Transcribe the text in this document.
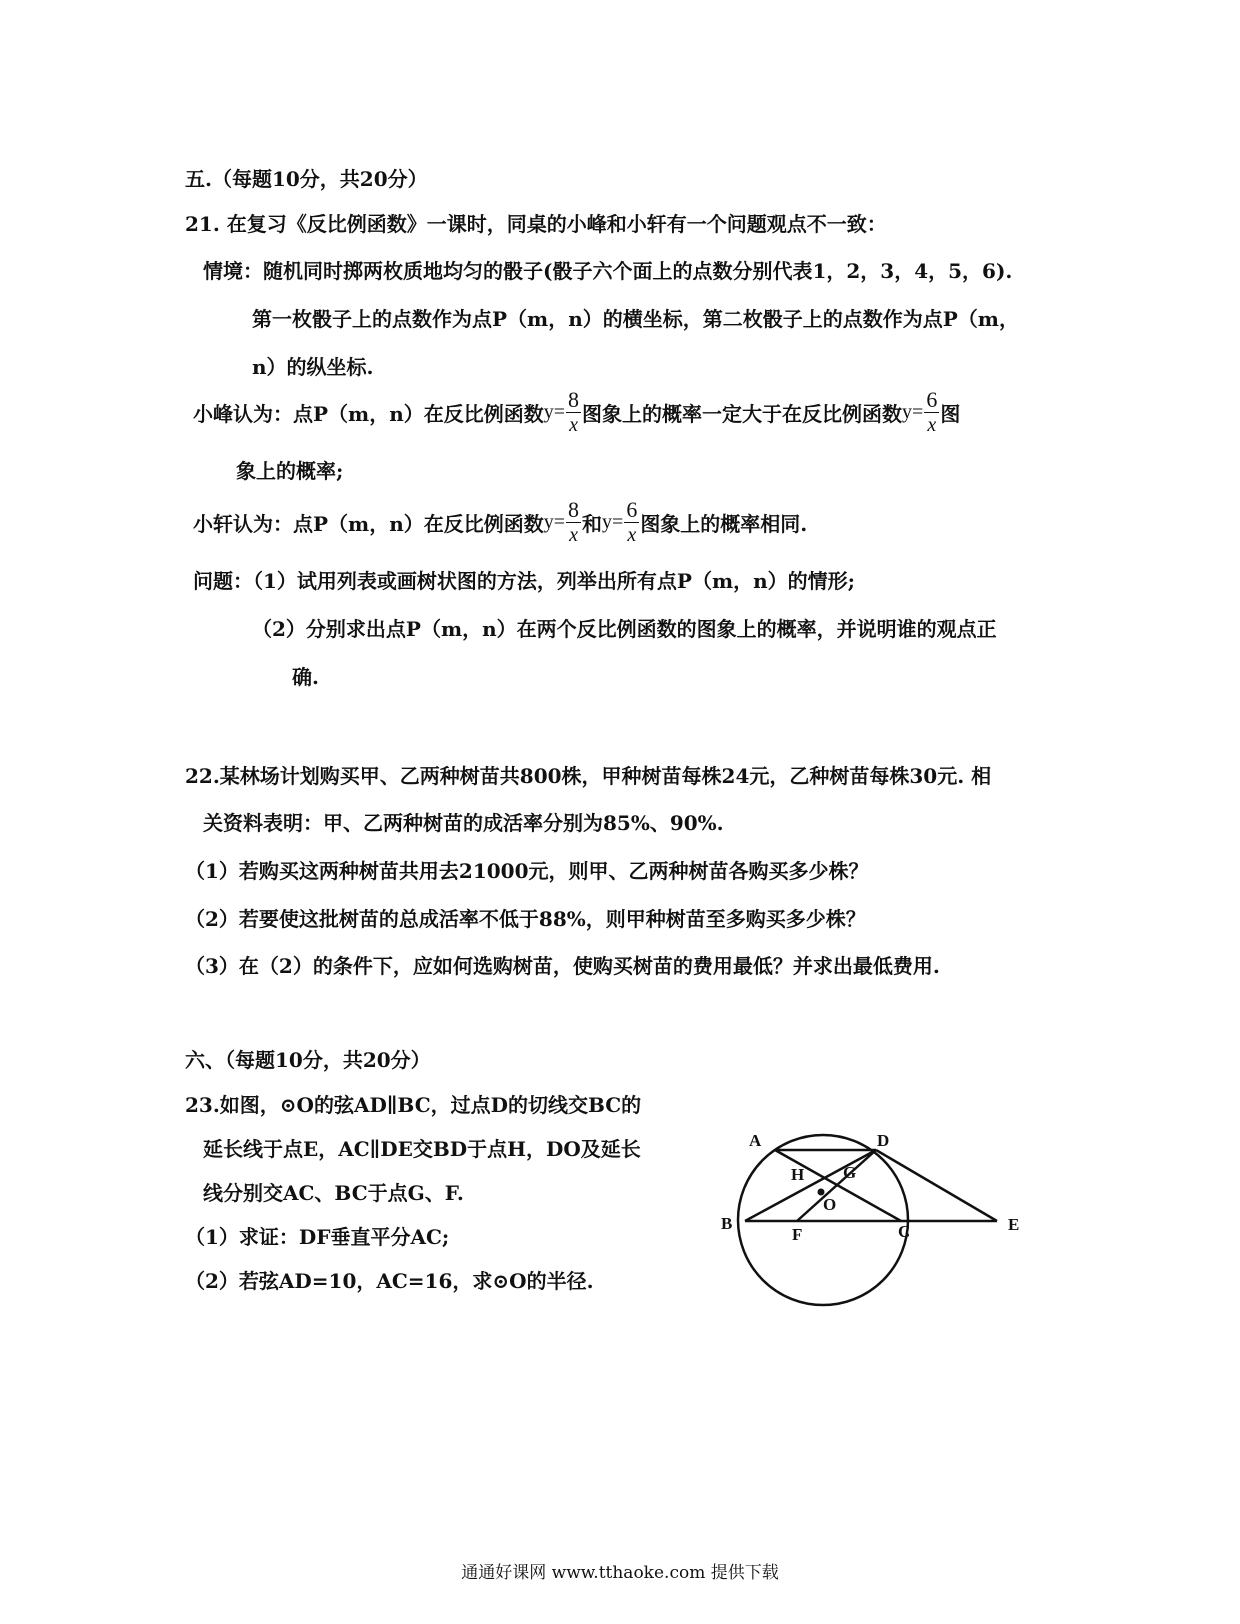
五.（每题10分，共20分）
21. 在复习《反比例函数》一课时，同桌的小峰和小轩有一个问题观点不一致：
情境：随机同时掷两枚质地均匀的骰子(骰子六个面上的点数分别代表1，2，3，4，5，6).
第一枚骰子上的点数作为点P（m，n）的横坐标，第二枚骰子上的点数作为点P（m，
n）的纵坐标.
小峰认为：点P（m，n）在反比例函数 $y= \frac{8}{x}$ 图象上的概率一定大于在反比例函数 $y= \frac{6}{x}$ 图
象上的概率;
小轩认为：点P（m，n）在反比例函数 $y= \frac{8}{x}$ 和 $y= \frac{6}{x}$ 图象上的概率相同.
问题：（1）试用列表或画树状图的方法，列举出所有点P（m，n）的情形;
（2）分别求出点P（m，n）在两个反比例函数的图象上的概率，并说明谁的观点正
确.
22.某林场计划购买甲、乙两种树苗共800株，甲种树苗每株24元，乙种树苗每株30元. 相
关资料表明：甲、乙两种树苗的成活率分别为85%、90%.
（1）若购买这两种树苗共用去21000元，则甲、乙两种树苗各购买多少株？
（2）若要使这批树苗的总成活率不低于88%，则甲种树苗至多购买多少株？
（3）在（2）的条件下，应如何选购树苗，使购买树苗的费用最低？并求出最低费用.
六、（每题10分，共20分）
23.如图，⊙O的弦AD∥BC，过点D的切线交BC的
延长线于点E，AC∥DE交BD于点H，DO及延长
线分别交AC、BC于点G、F.
（1）求证：DF垂直平分AC;
（2）若弦AD=10，AC=16，求⊙O的半径.
A	D
H G
O
B
F	C	E
通通好课网 www.tthaoke.com 提供下载
